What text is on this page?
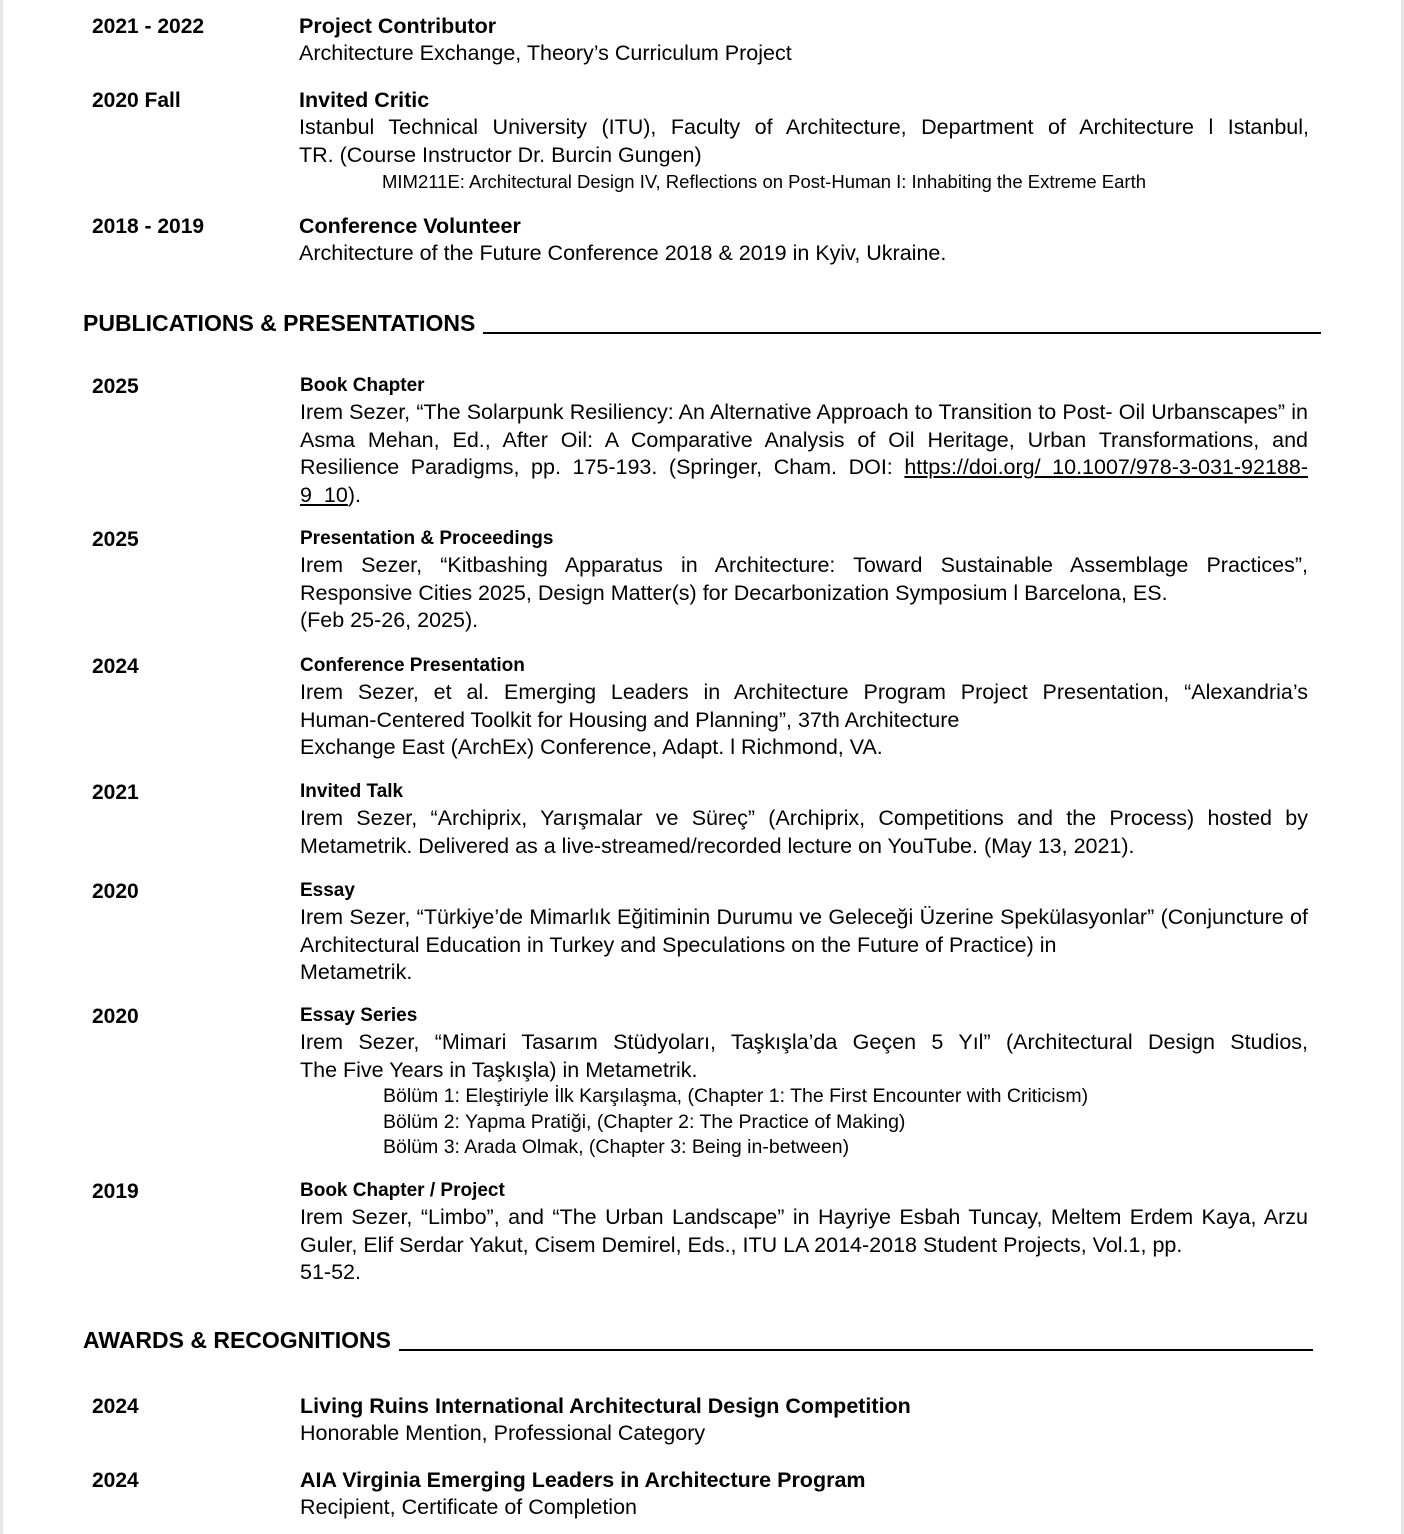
2021 - 2022	Project Contributor
Architecture Exchange, Theory’s Curriculum Project
2020 Fall	Invited Critic
Istanbul Technical University (ITU), Faculty of Architecture, Department of Architecture l Istanbul,
TR. (Course Instructor Dr. Burcin Gungen)
MIM211E: Architectural Design IV, Reflections on Post-Human I: Inhabiting the Extreme Earth
2018 - 2019	Conference Volunteer
Architecture of the Future Conference 2018 & 2019 in Kyiv, Ukraine.
PUBLICATIONS & PRESENTATIONS
2025	Book Chapter
Irem Sezer, “The Solarpunk Resiliency: An Alternative Approach to Transition to Post- Oil Urbanscapes” in Asma Mehan, Ed., After Oil: A Comparative Analysis of Oil Heritage, Urban Transformations, and Resilience Paradigms, pp. 175-193. (Springer, Cham. DOI: https://doi.org/ 10.1007/978-3-031-92188-9_10).
2025	Presentation & Proceedings
Irem Sezer, “Kitbashing Apparatus in Architecture: Toward Sustainable Assemblage Practices”,
Responsive Cities 2025, Design Matter(s) for Decarbonization Symposium l Barcelona, ES.
(Feb 25-26, 2025).
2024	Conference Presentation
Irem Sezer, et al. Emerging Leaders in Architecture Program Project Presentation, “Alexandria’s
Human-Centered Toolkit for Housing and Planning”, 37th Architecture
Exchange East (ArchEx) Conference, Adapt. l Richmond, VA.
2021	Invited Talk
Irem Sezer, “Archiprix, Yarışmalar ve Süreç” (Archiprix, Competitions and the Process) hosted by
Metametrik. Delivered as a live-streamed/recorded lecture on YouTube. (May 13, 2021).
2020	Essay
Irem Sezer, “Türkiye’de Mimarlık Eğitiminin Durumu ve Geleceği Üzerine Spekülasyonlar” (Conjuncture of Architectural Education in Turkey and Speculations on the Future of Practice) in
Metametrik.
2020	Essay Series
Irem Sezer, “Mimari Tasarım Stüdyoları, Taşkışla’da Geçen 5 Yıl” (Architectural Design Studios,
The Five Years in Taşkışla) in Metametrik.
Bölüm 1: Eleştiriyle İlk Karşılaşma, (Chapter 1: The First Encounter with Criticism)
Bölüm 2: Yapma Pratiği, (Chapter 2: The Practice of Making)
Bölüm 3: Arada Olmak, (Chapter 3: Being in-between)
2019	Book Chapter / Project
Irem Sezer, “Limbo”, and “The Urban Landscape” in Hayriye Esbah Tuncay, Meltem Erdem Kaya, Arzu Guler, Elif Serdar Yakut, Cisem Demirel, Eds., ITU LA 2014-2018 Student Projects, Vol.1, pp.
51-52.
AWARDS & RECOGNITIONS
2024	Living Ruins International Architectural Design Competition
Honorable Mention, Professional Category
2024	AIA Virginia Emerging Leaders in Architecture Program
Recipient, Certificate of Completion
